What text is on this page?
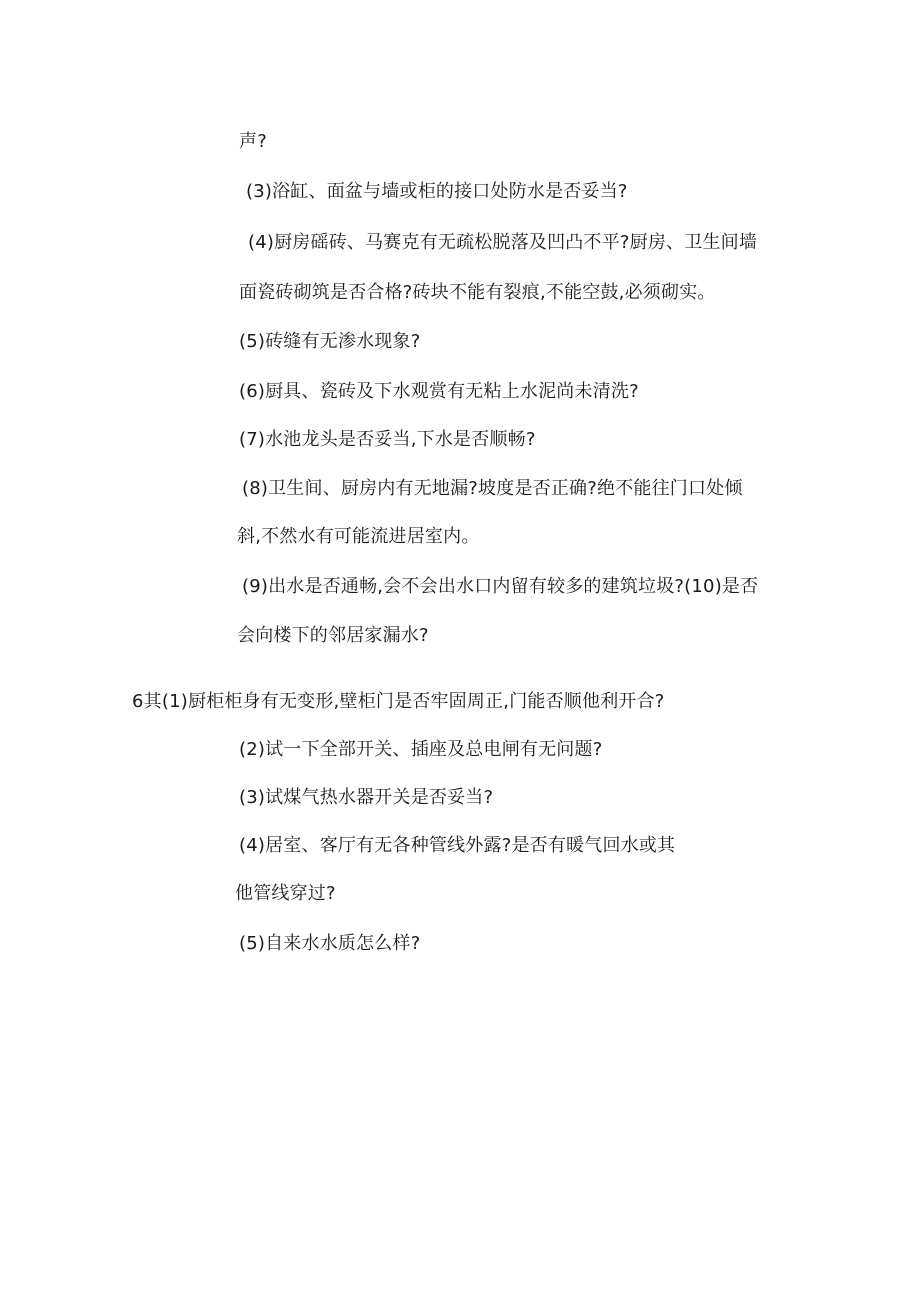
声?
(3)浴缸、面盆与墙或柜的接口处防水是否妥当?
(4)厨房磘砖、马赛克有无疏松脱落及凹凸不平?厨房、卫生间墙
面瓷砖砌筑是否合格?砖块不能有裂痕,不能空鼓,必须砌实。
(5)砖缝有无渗水现象?
(6)厨具、瓷砖及下水观赏有无粘上水泥尚未清洗?
(7)水池龙头是否妥当,下水是否顺畅?
(8)卫生间、厨房内有无地漏?坡度是否正确?绝不能往门口处倾
斜,不然水有可能流进居室内。
(9)出水是否通畅,会不会出水口内留有较多的建筑垃圾?(10)是否
会向楼下的邻居家漏水?
6其(1)厨柜柜身有无变形,壁柜门是否牢固周正,门能否顺他利开合?
(2)试一下全部开关、插座及总电闸有无问题?
(3)试煤气热水器开关是否妥当?
(4)居室、客厅有无各种管线外露?是否有暖气回水或其
他管线穿过?
(5)自来水水质怎么样?
